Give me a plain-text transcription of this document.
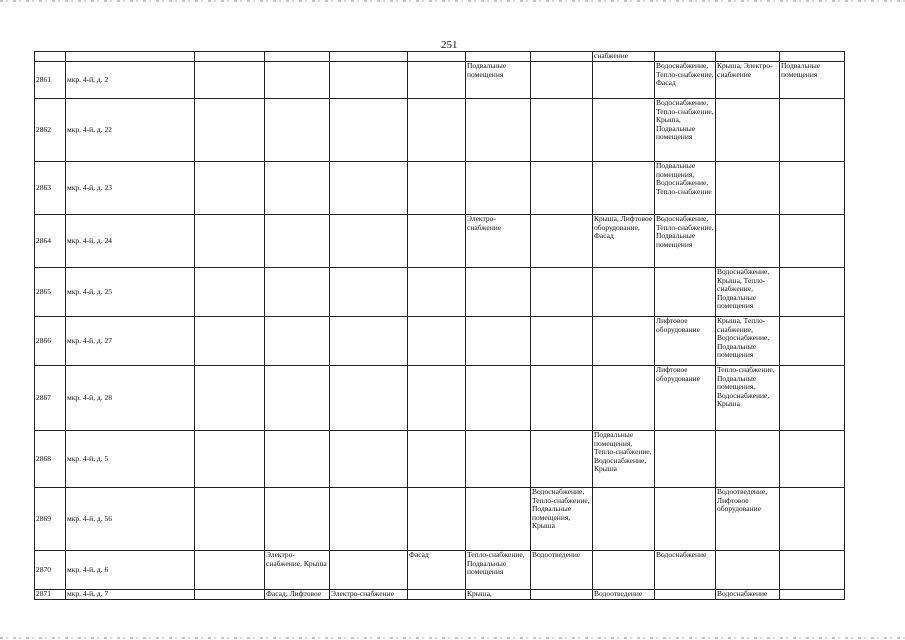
251
								снабжение			
2861	мкр. 4-й, д. 2					Подвальные помещения			Водоснабжение, Тепло-снабжение, Фасад	Крыша, Электро-снабжение	Подвальные помещения
2862	мкр. 4-й, д. 22								Водоснабжение, Тепло-снабжение, Крыша, Подвальные помещения		
2863	мкр. 4-й, д. 23								Подвальные помещения, Водоснабжение, Тепло-снабжение		
2864	мкр. 4-й, д. 24					Электро-снабжение		Крыша, Лифтовое оборудование, Фасад	Водоснабжение, Тепло-снабжение, Подвальные помещения		
2865	мкр. 4-й, д. 25									Водоснабжение, Крыша, Тепло-снабжение, Подвальные помещения	
2866	мкр. 4-й, д. 27								Лифтовое оборудование	Крыша, Тепло-снабжение, Водоснабжение, Подвальные помещения	
2867	мкр. 4-й, д. 28								Лифтовое оборудование	Тепло-снабжение, Подвальные помещения, Водоснабжение, Крыша	
2868	мкр. 4-й, д. 5							Подвальные помещения, Тепло-снабжение, Водоснабжение, Крыша			
2869	мкр. 4-й, д. 56						Водоснабжение, Тепло-снабжение, Подвальные помещения, Крыша			Водоотведение, Лифтовое оборудование	
2870	мкр. 4-й, д. 6		Электро-снабжение, Крыша		Фасад	Тепло-снабжение, Подвальные помещения	Водоотведение		Водоснабжение		
2871	мкр. 4-й, д. 7		Фасад, Лифтовое	Электро-снабжение		Крыша,		Водоотведение		Водоснабжение	
